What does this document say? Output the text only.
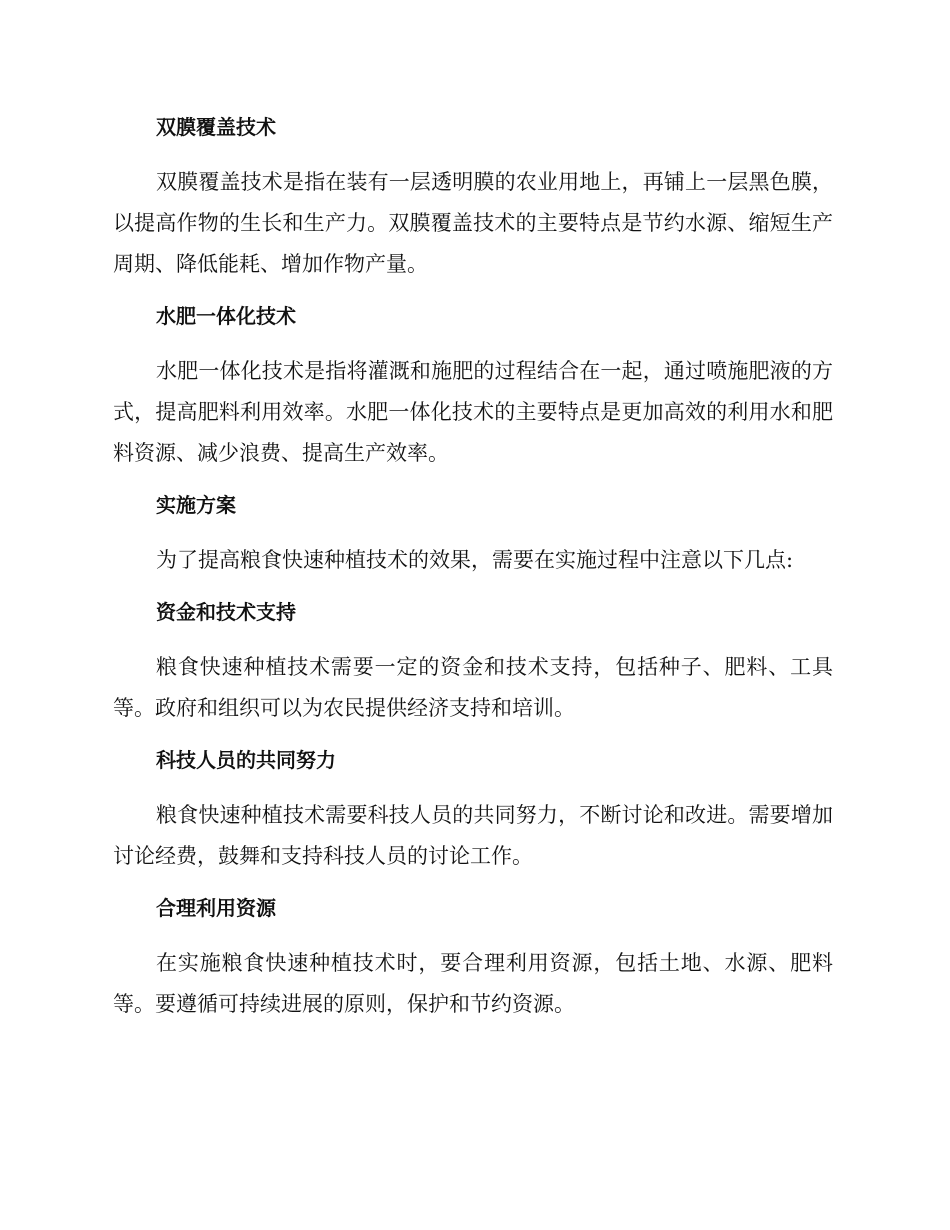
双膜覆盖技术

双膜覆盖技术是指在装有一层透明膜的农业用地上，再铺上一层黑色膜，以提高作物的生长和生产力。双膜覆盖技术的主要特点是节约水源、缩短生产周期、降低能耗、增加作物产量。

水肥一体化技术

水肥一体化技术是指将灌溉和施肥的过程结合在一起，通过喷施肥液的方式，提高肥料利用效率。水肥一体化技术的主要特点是更加高效的利用水和肥料资源、减少浪费、提高生产效率。

实施方案

为了提高粮食快速种植技术的效果，需要在实施过程中注意以下几点:

资金和技术支持

粮食快速种植技术需要一定的资金和技术支持，包括种子、肥料、工具等。政府和组织可以为农民提供经济支持和培训。

科技人员的共同努力

粮食快速种植技术需要科技人员的共同努力，不断讨论和改进。需要增加讨论经费，鼓舞和支持科技人员的讨论工作。

合理利用资源

在实施粮食快速种植技术时，要合理利用资源，包括土地、水源、肥料等。要遵循可持续进展的原则，保护和节约资源。
